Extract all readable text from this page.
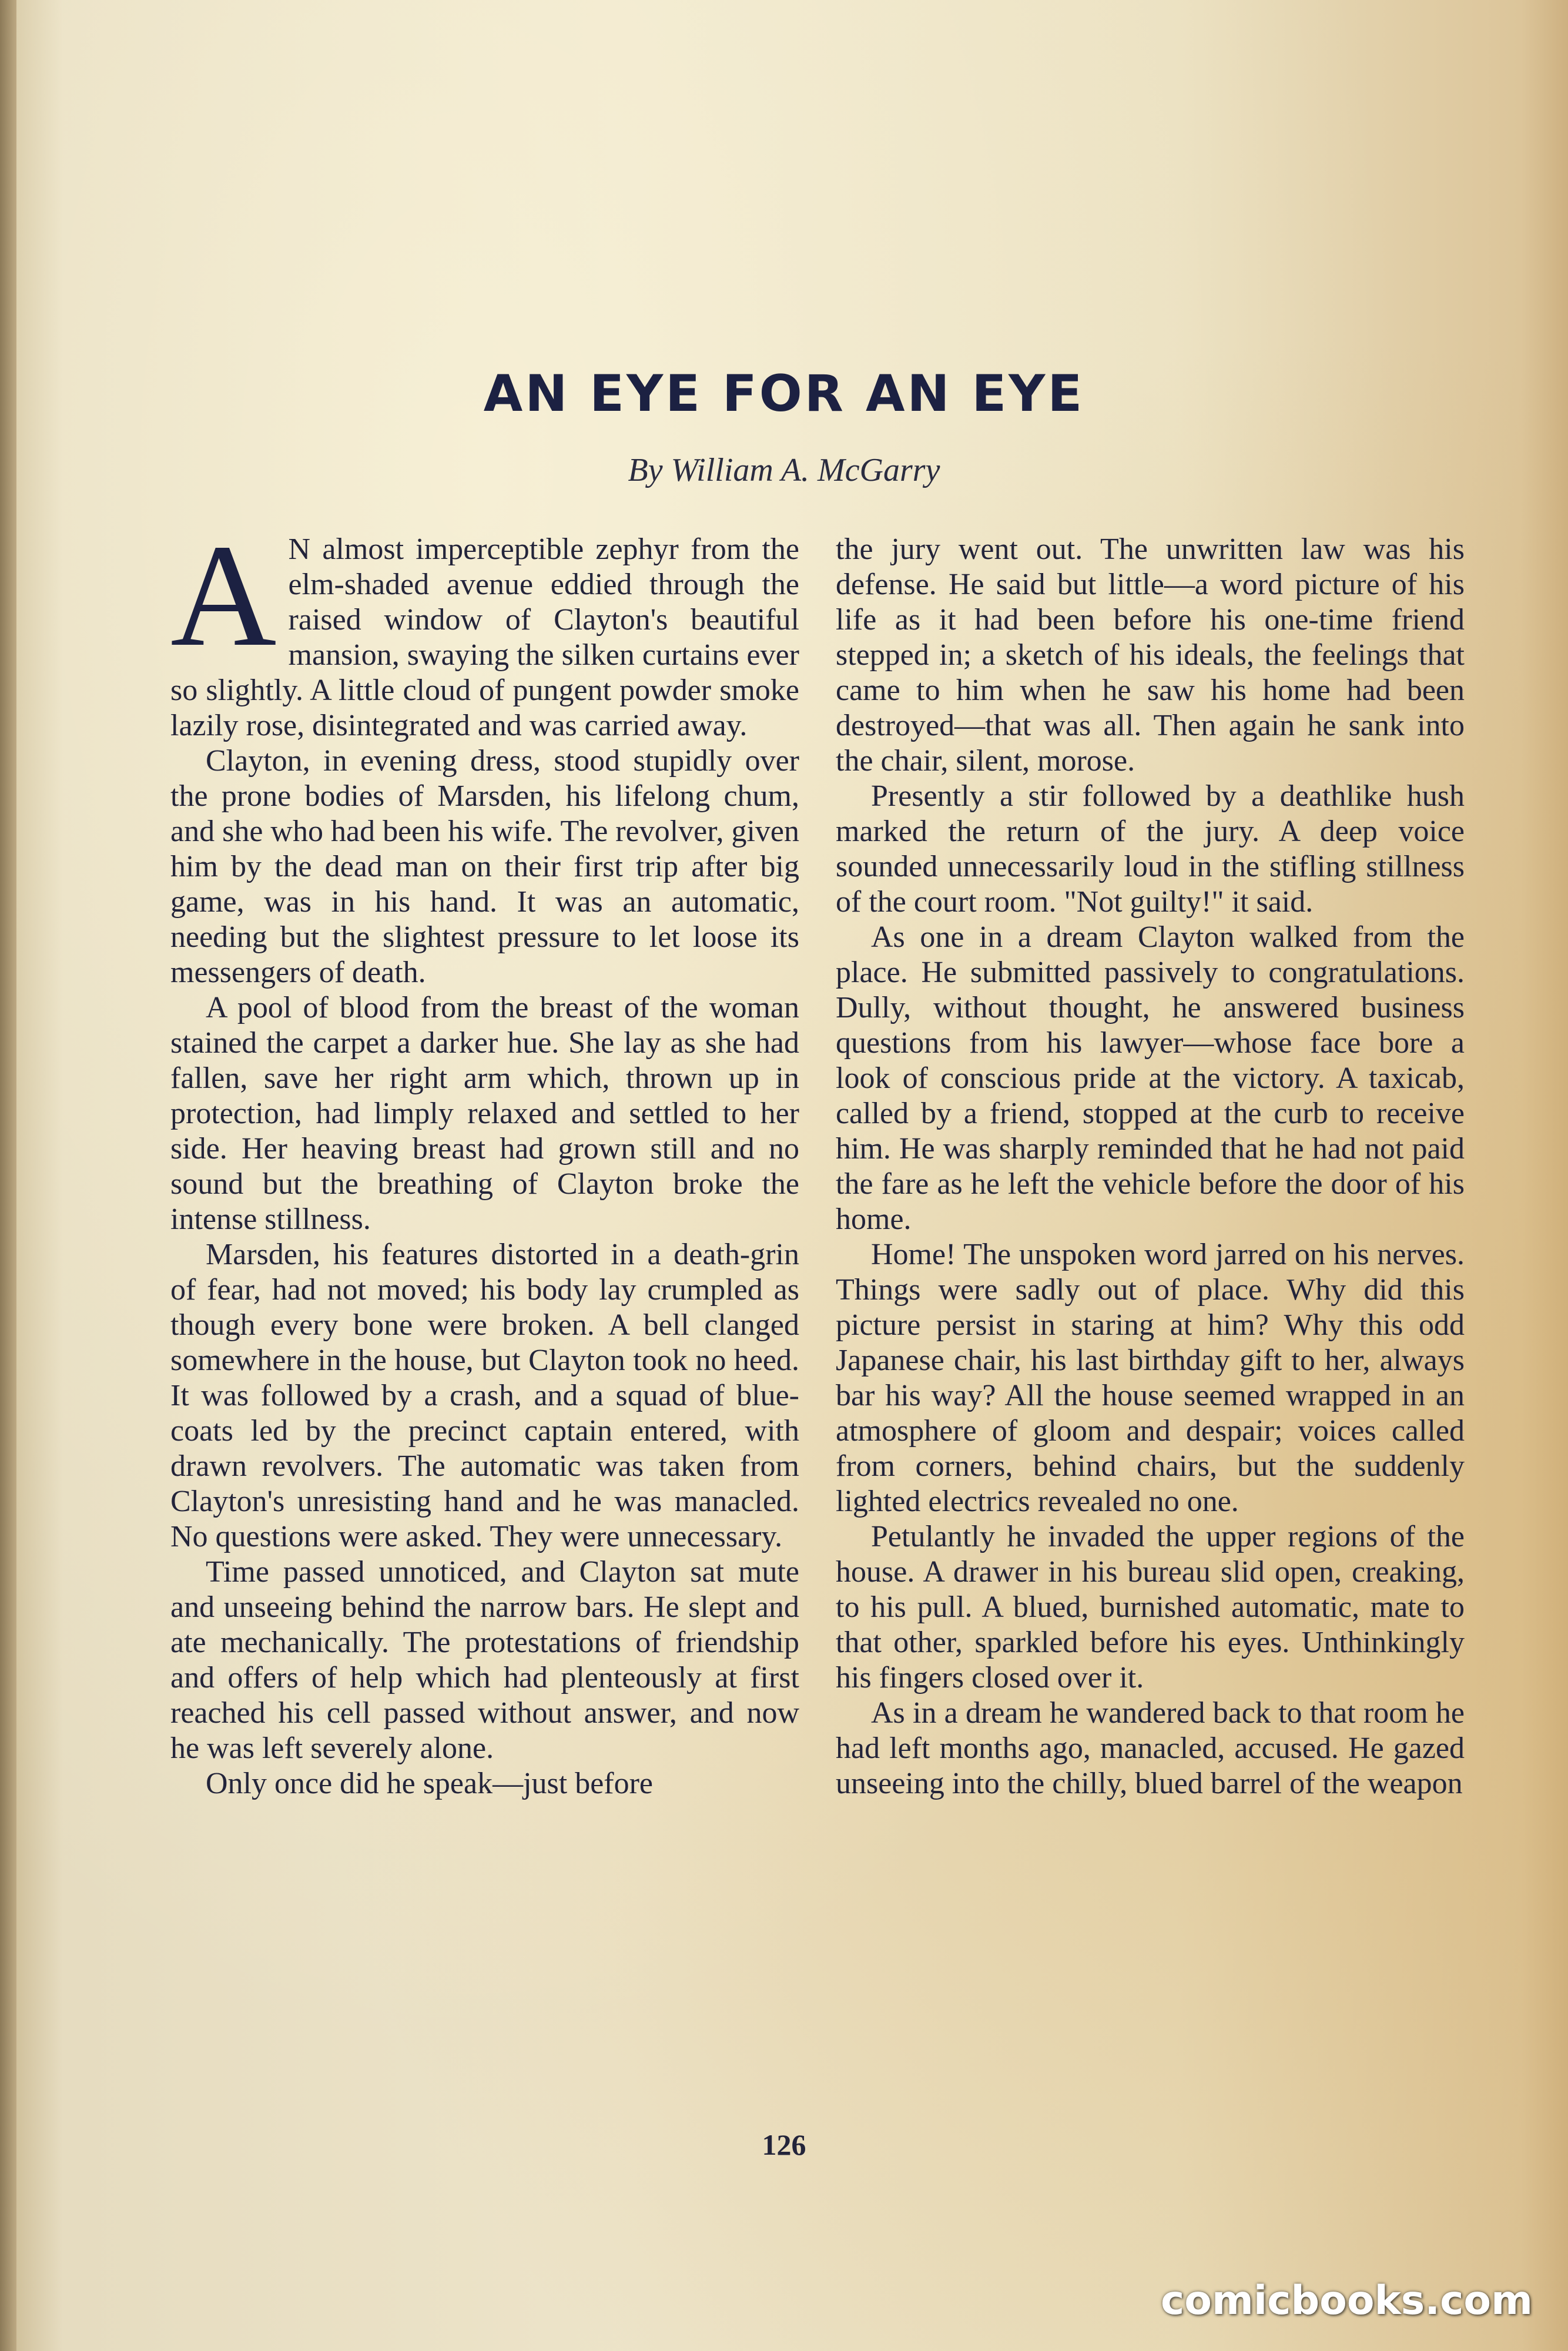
AN EYE FOR AN EYE
By William A. McGarry

A N almost imperceptible zephyr from the elm-shaded avenue eddied through the raised window of Clayton's beautiful mansion, swaying the silken curtains ever so slightly. A little cloud of pungent powder smoke lazily rose, disintegrated and was carried away.

Clayton, in evening dress, stood stupidly over the prone bodies of Marsden, his lifelong chum, and she who had been his wife. The revolver, given him by the dead man on their first trip after big game, was in his hand. It was an automatic, needing but the slightest pressure to let loose its messengers of death.

A pool of blood from the breast of the woman stained the carpet a darker hue. She lay as she had fallen, save her right arm which, thrown up in protection, had limply relaxed and settled to her side. Her heaving breast had grown still and no sound but the breathing of Clayton broke the intense stillness.

Marsden, his features distorted in a death-grin of fear, had not moved; his body lay crumpled as though every bone were broken. A bell clanged somewhere in the house, but Clayton took no heed. It was followed by a crash, and a squad of blue-coats led by the precinct captain entered, with drawn revolvers. The automatic was taken from Clayton's unresisting hand and he was manacled. No questions were asked. They were unnecessary.

Time passed unnoticed, and Clayton sat mute and unseeing behind the narrow bars. He slept and ate mechanically. The protestations of friendship and offers of help which had plenteously at first reached his cell passed without answer, and now he was left severely alone.

Only once did he speak—just before

the jury went out. The unwritten law was his defense. He said but little—a word picture of his life as it had been before his one-time friend stepped in; a sketch of his ideals, the feelings that came to him when he saw his home had been destroyed—that was all. Then again he sank into the chair, silent, morose.

Presently a stir followed by a deathlike hush marked the return of the jury. A deep voice sounded unnecessarily loud in the stifling stillness of the court room. "Not guilty!" it said.

As one in a dream Clayton walked from the place. He submitted passively to congratulations. Dully, without thought, he answered business questions from his lawyer—whose face bore a look of conscious pride at the victory. A taxicab, called by a friend, stopped at the curb to receive him. He was sharply reminded that he had not paid the fare as he left the vehicle before the door of his home.

Home! The unspoken word jarred on his nerves. Things were sadly out of place. Why did this picture persist in staring at him? Why this odd Japanese chair, his last birthday gift to her, always bar his way? All the house seemed wrapped in an atmosphere of gloom and despair; voices called from corners, behind chairs, but the suddenly lighted electrics revealed no one.

Petulantly he invaded the upper regions of the house. A drawer in his bureau slid open, creaking, to his pull. A blued, burnished automatic, mate to that other, sparkled before his eyes. Unthinkingly his fingers closed over it.

As in a dream he wandered back to that room he had left months ago, manacled, accused. He gazed unseeing into the chilly, blued barrel of the weapon

126
comicbooks.com
